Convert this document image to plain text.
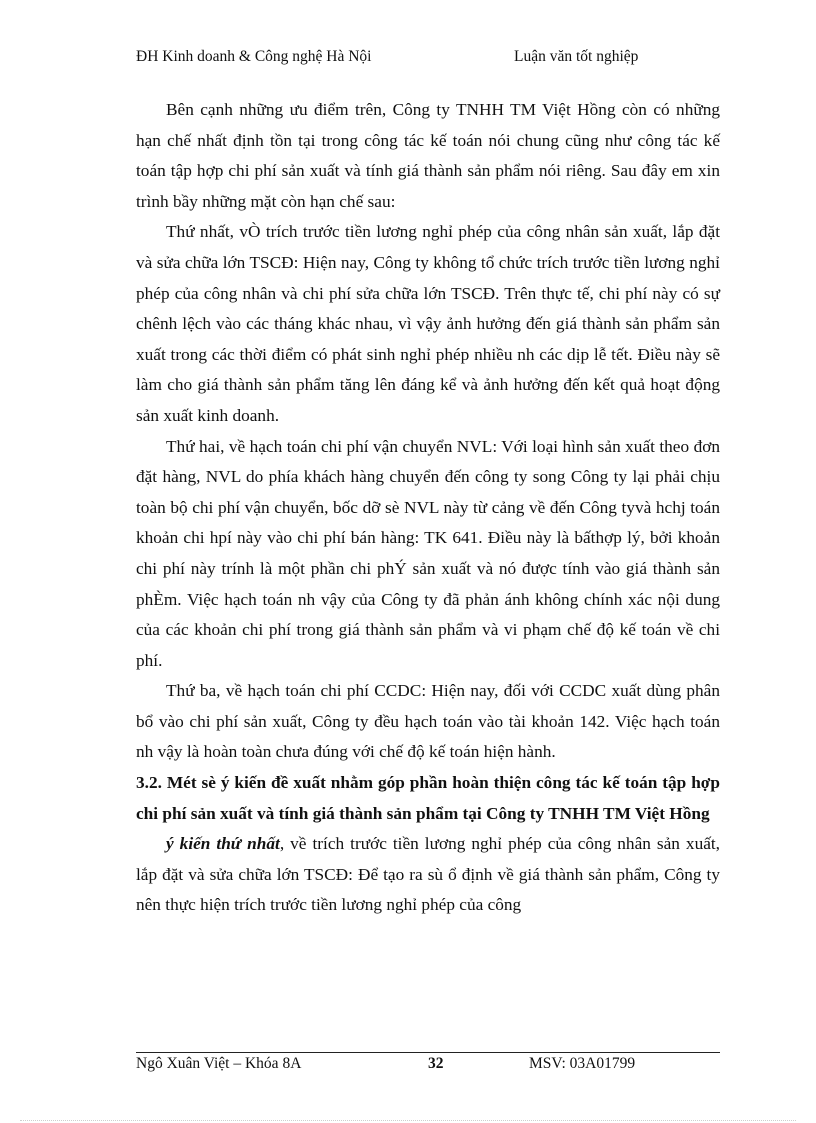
ĐH Kinh doanh & Công nghệ Hà Nội	Luận văn tốt nghiệp

Bên cạnh những ưu điểm trên, Công ty TNHH TM Việt Hồng còn có những hạn chế nhất định tồn tại trong công tác kế toán nói chung cũng như công tác kế toán tập hợp chi phí sản xuất và tính giá thành sản phẩm nói riêng. Sau đây em xin trình bầy những mặt còn hạn chế sau:

Thứ nhất, vÒ trích trước tiền lương nghỉ phép của công nhân sản xuất, lắp đặt và sửa chữa lớn TSCĐ: Hiện nay, Công ty không tổ chức trích trước tiền lương nghỉ phép của công nhân và chi phí sửa chữa lớn TSCĐ. Trên thực tế, chi phí này có sự chênh lệch vào các tháng khác nhau, vì vậy ảnh hưởng đến giá thành sản phẩm sản xuất trong các thời điểm có phát sinh nghỉ phép nhiều nh các dịp lễ tết. Điều này sẽ làm cho giá thành sản phẩm tăng lên đáng kể và ảnh hưởng đến kết quả hoạt động sản xuất kinh doanh.

Thứ hai, về hạch toán chi phí vận chuyển NVL: Với loại hình sản xuất theo đơn đặt hàng, NVL do phía khách hàng chuyển đến công ty song Công ty lại phải chịu toàn bộ chi phí vận chuyển, bốc dỡ sè NVL này từ cảng về đến Công tyvà hchj toán khoản chi hpí này vào chi phí bán hàng: TK 641. Điều này là bấthợp lý, bởi khoản chi phí này trính là một phần chi phÝ sản xuất và nó được tính vào giá thành sản phÈm. Việc hạch toán nh vậy của Công ty đã phản ánh không chính xác nội dung của các khoản chi phí trong giá thành sản phẩm và vi phạm chế độ kế toán về chi phí.

Thứ ba, về hạch toán chi phí CCDC: Hiện nay, đối với CCDC xuất dùng phân bổ vào chi phí sản xuất, Công ty đều hạch toán vào tài khoản 142. Việc hạch toán nh vậy là hoàn toàn chưa đúng với chế độ kế toán hiện hành.

3.2. Mét sè ý kiến đề xuất nhằm góp phần hoàn thiện công tác kế toán tập hợp chi phí sản xuất và tính giá thành sản phẩm tại Công ty TNHH TM Việt Hồng

ý kiến thứ nhất, về trích trước tiền lương nghỉ phép của công nhân sản xuất, lắp đặt và sửa chữa lớn TSCĐ: Để tạo ra sù ổ định về giá thành sản phẩm, Công ty nên thực hiện trích trước tiền lương nghỉ phép của công

Ngô Xuân Việt – Khóa 8A	32	MSV: 03A01799
